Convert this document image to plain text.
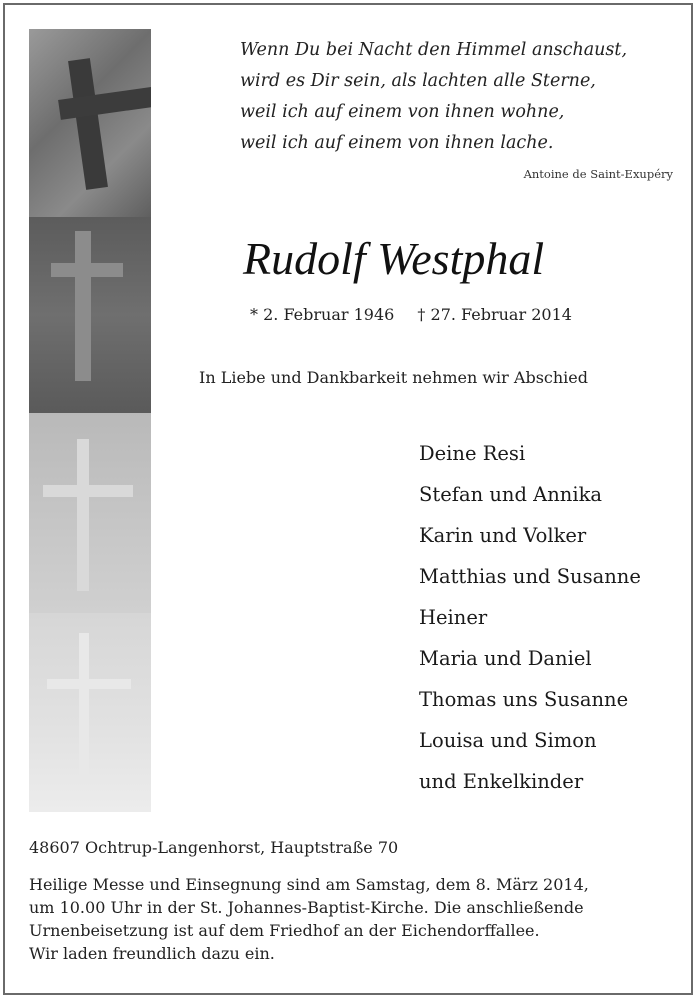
Wenn Du bei Nacht den Himmel anschaust,
wird es Dir sein, als lachten alle Sterne,
weil ich auf einem von ihnen wohne,
weil ich auf einem von ihnen lache.
Antoine de Saint-Exupéry
Rudolf Westphal
* 2. Februar 1946 † 27. Februar 2014
In Liebe und Dankbarkeit nehmen wir Abschied
Deine Resi
Stefan und Annika
Karin und Volker
Matthias und Susanne
Heiner
Maria und Daniel
Thomas uns Susanne
Louisa und Simon
und Enkelkinder
48607 Ochtrup-Langenhorst, Hauptstraße 70
Heilige Messe und Einsegnung sind am Samstag, dem 8. März 2014,
um 10.00 Uhr in der St. Johannes-Baptist-Kirche. Die anschließende
Urnenbeisetzung ist auf dem Friedhof an der Eichendorffallee.
Wir laden freundlich dazu ein.
